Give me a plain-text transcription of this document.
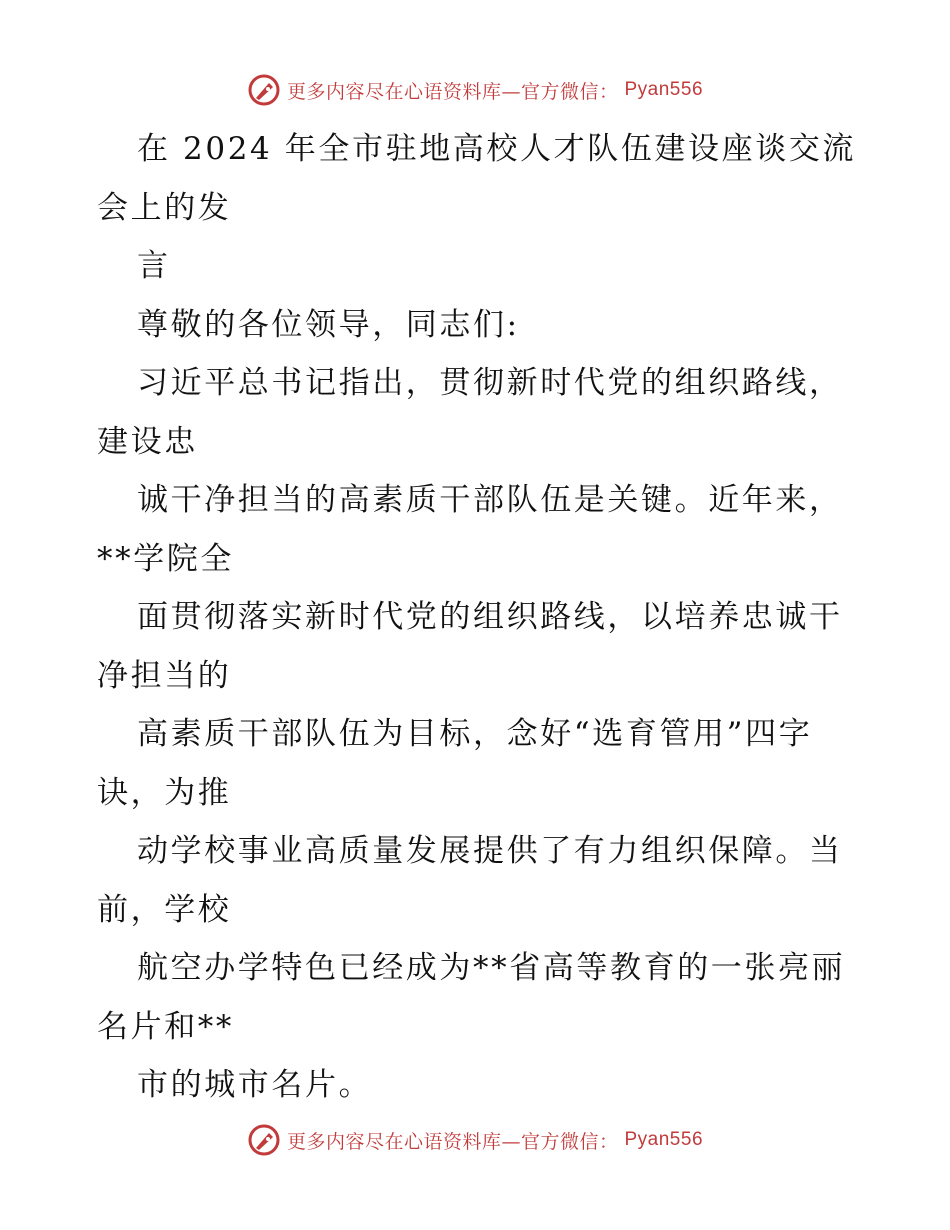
更多内容尽在心语资料库—官方微信： Pyan556
在 2024 年全市驻地高校人才队伍建设座谈交流
会上的发
言
尊敬的各位领导，同志们:
习近平总书记指出，贯彻新时代党的组织路线，
建设忠
诚干净担当的高素质干部队伍是关键。近年来，
**学院全
面贯彻落实新时代党的组织路线，以培养忠诚干
净担当的
高素质干部队伍为目标，念好“选育管用”四字
诀，为推
动学校事业高质量发展提供了有力组织保障。当
前，学校
航空办学特色已经成为**省高等教育的一张亮丽
名片和**
市的城市名片。
更多内容尽在心语资料库—官方微信： Pyan556
